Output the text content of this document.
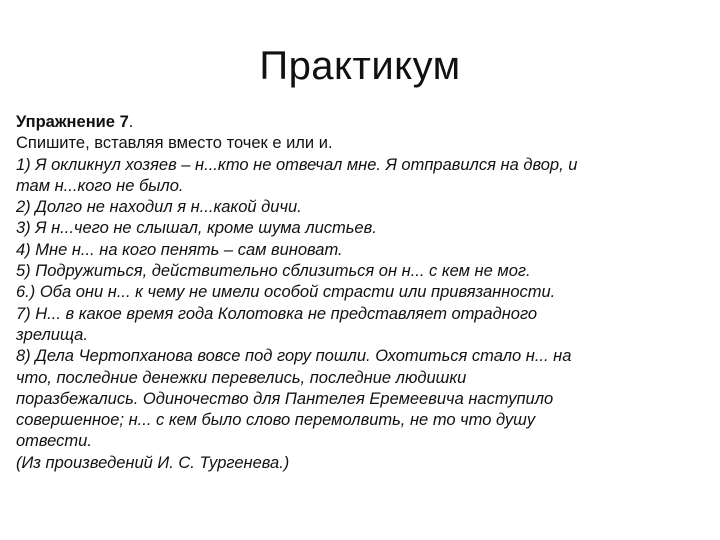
Практикум
Упражнение 7.
Спишите, вставляя вместо точек е или и.
1) Я окликнул хозяев – н...кто не отвечал мне. Я отправился на двор, и
там н...кого не было.
2) Долго не находил я н...какой дичи.
3) Я н...чего не слышал, кроме шума листьев.
4) Мне н... на кого пенять – сам виноват.
5) Подружиться, действительно сблизиться он н... с кем не мог.
6.) Оба они н... к чему не имели особой страсти или привязанности.
7) Н... в какое время года Колотовка не представляет отрадного
зрелища.
8) Дела Чертопханова вовсе под гору пошли. Охотиться стало н... на
что, последние денежки перевелись, последние людишки
поразбежались. Одиночество для Пантелея Еремеевича наступило
совершенное; н... с кем было слово перемолвить, не то что душу
отвести.
(Из произведений И. С. Тургенева.)
